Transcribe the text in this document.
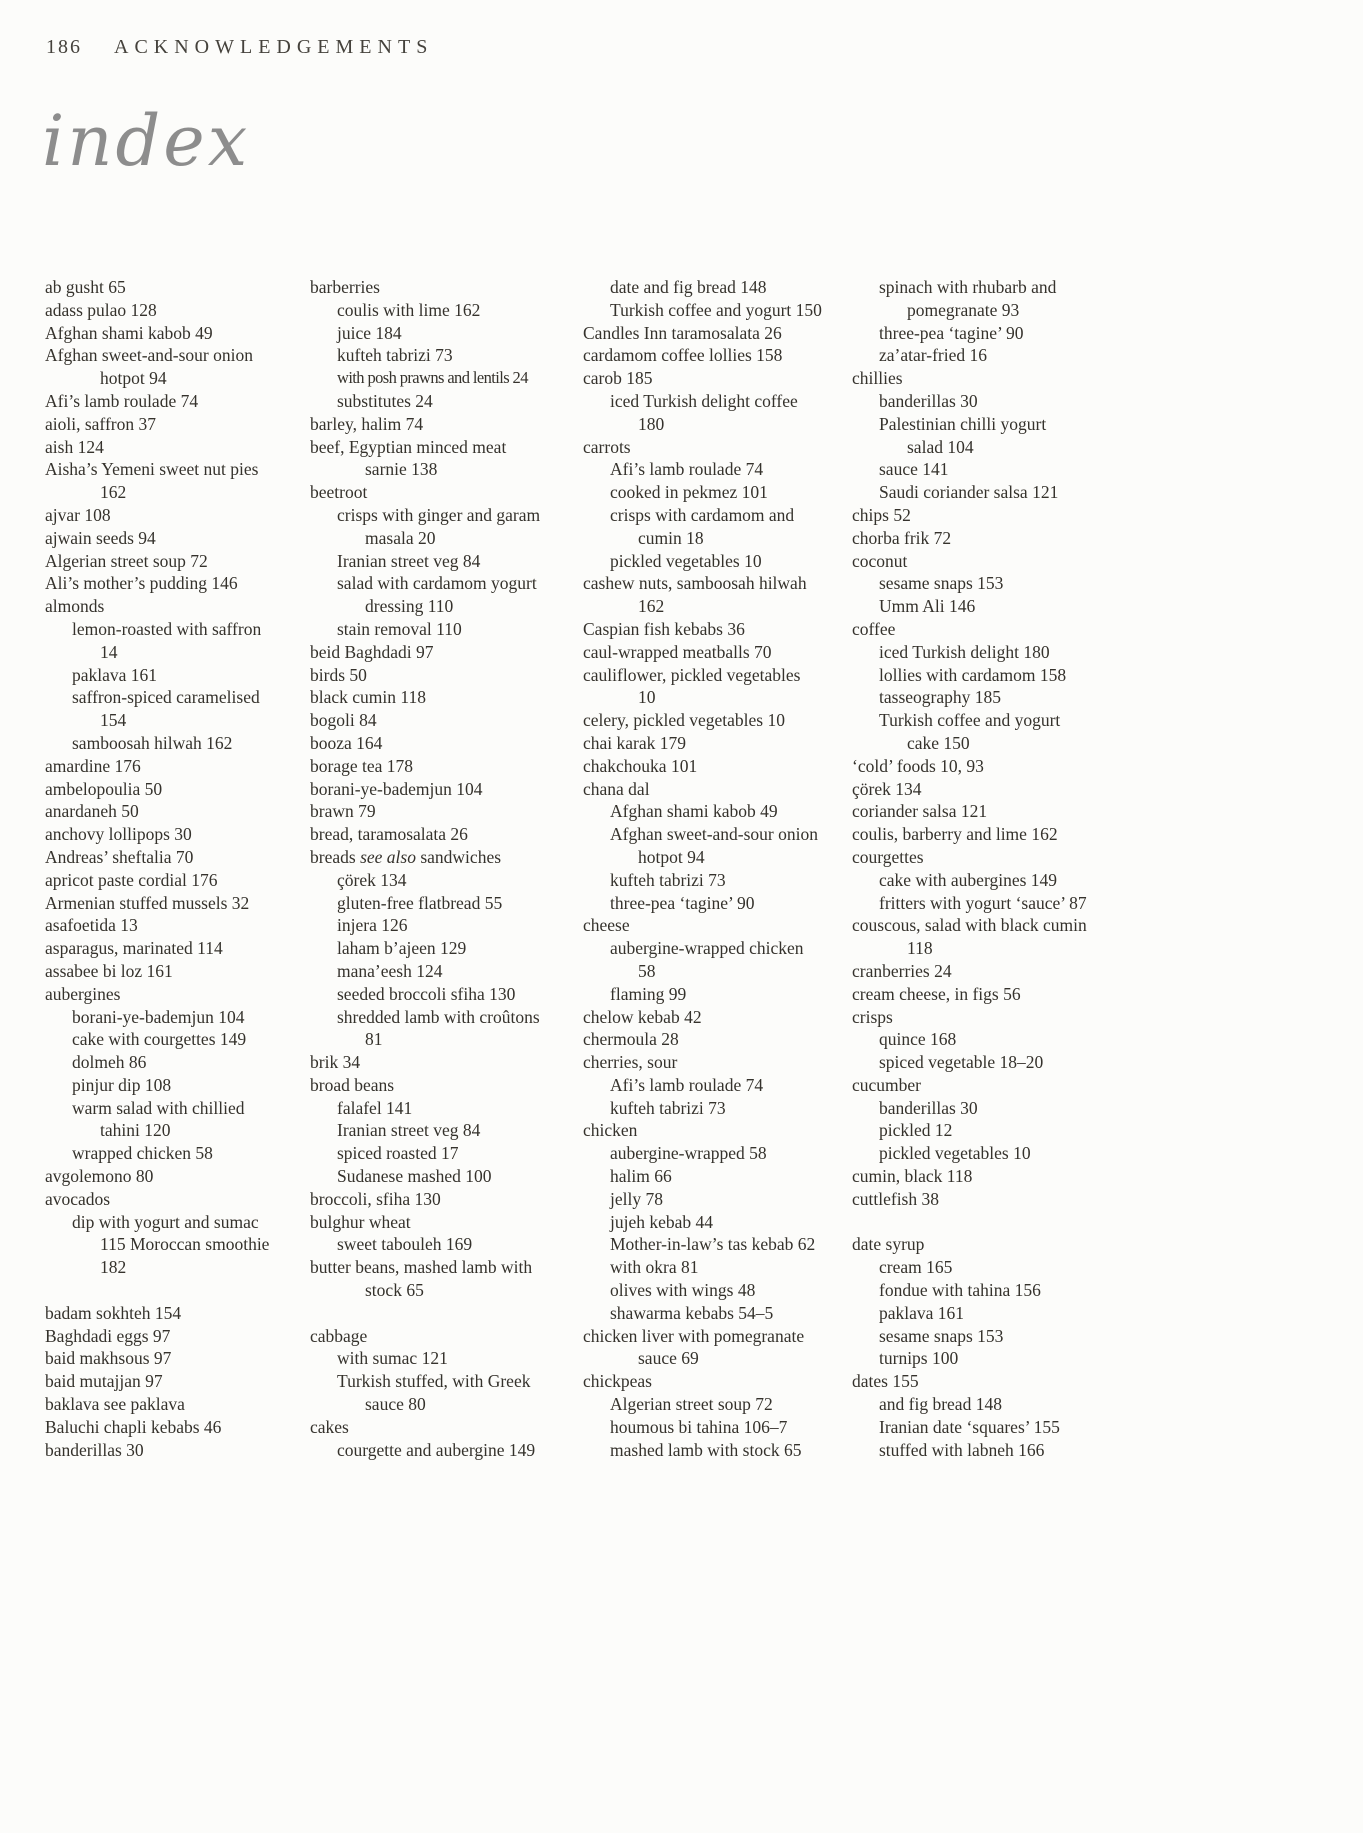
186 ACKNOWLEDGEMENTS
index
ab gusht 65
adass pulao 128
Afghan shami kabob 49
Afghan sweet-and-sour onion
hotpot 94
Afi’s lamb roulade 74
aioli, saffron 37
aish 124
Aisha’s Yemeni sweet nut pies
162
ajvar 108
ajwain seeds 94
Algerian street soup 72
Ali’s mother’s pudding 146
almonds
lemon-roasted with saffron
14
paklava 161
saffron-spiced caramelised
154
samboosah hilwah 162
amardine 176
ambelopoulia 50
anardaneh 50
anchovy lollipops 30
Andreas’ sheftalia 70
apricot paste cordial 176
Armenian stuffed mussels 32
asafoetida 13
asparagus, marinated 114
assabee bi loz 161
aubergines
borani-ye-bademjun 104
cake with courgettes 149
dolmeh 86
pinjur dip 108
warm salad with chillied
tahini 120
wrapped chicken 58
avgolemono 80
avocados
dip with yogurt and sumac
115 Moroccan smoothie
182
badam sokhteh 154
Baghdadi eggs 97
baid makhsous 97
baid mutajjan 97
baklava see paklava
Baluchi chapli kebabs 46
banderillas 30
barberries
coulis with lime 162
juice 184
kufteh tabrizi 73
with posh prawns and lentils 24
substitutes 24
barley, halim 74
beef, Egyptian minced meat
sarnie 138
beetroot
crisps with ginger and garam
masala 20
Iranian street veg 84
salad with cardamom yogurt
dressing 110
stain removal 110
beid Baghdadi 97
birds 50
black cumin 118
bogoli 84
booza 164
borage tea 178
borani-ye-bademjun 104
brawn 79
bread, taramosalata 26
breads see also sandwiches
çörek 134
gluten-free flatbread 55
injera 126
laham b’ajeen 129
mana’eesh 124
seeded broccoli sfiha 130
shredded lamb with croûtons
81
brik 34
broad beans
falafel 141
Iranian street veg 84
spiced roasted 17
Sudanese mashed 100
broccoli, sfiha 130
bulghur wheat
sweet tabouleh 169
butter beans, mashed lamb with
stock 65
cabbage
with sumac 121
Turkish stuffed, with Greek
sauce 80
cakes
courgette and aubergine 149
date and fig bread 148
Turkish coffee and yogurt 150
Candles Inn taramosalata 26
cardamom coffee lollies 158
carob 185
iced Turkish delight coffee
180
carrots
Afi’s lamb roulade 74
cooked in pekmez 101
crisps with cardamom and
cumin 18
pickled vegetables 10
cashew nuts, samboosah hilwah
162
Caspian fish kebabs 36
caul-wrapped meatballs 70
cauliflower, pickled vegetables
10
celery, pickled vegetables 10
chai karak 179
chakchouka 101
chana dal
Afghan shami kabob 49
Afghan sweet-and-sour onion
hotpot 94
kufteh tabrizi 73
three-pea ‘tagine’ 90
cheese
aubergine-wrapped chicken
58
flaming 99
chelow kebab 42
chermoula 28
cherries, sour
Afi’s lamb roulade 74
kufteh tabrizi 73
chicken
aubergine-wrapped 58
halim 66
jelly 78
jujeh kebab 44
Mother-in-law’s tas kebab 62
with okra 81
olives with wings 48
shawarma kebabs 54–5
chicken liver with pomegranate
sauce 69
chickpeas
Algerian street soup 72
houmous bi tahina 106–7
mashed lamb with stock 65
spinach with rhubarb and
pomegranate 93
three-pea ‘tagine’ 90
za’atar-fried 16
chillies
banderillas 30
Palestinian chilli yogurt
salad 104
sauce 141
Saudi coriander salsa 121
chips 52
chorba frik 72
coconut
sesame snaps 153
Umm Ali 146
coffee
iced Turkish delight 180
lollies with cardamom 158
tasseography 185
Turkish coffee and yogurt
cake 150
‘cold’ foods 10, 93
çörek 134
coriander salsa 121
coulis, barberry and lime 162
courgettes
cake with aubergines 149
fritters with yogurt ‘sauce’ 87
couscous, salad with black cumin
118
cranberries 24
cream cheese, in figs 56
crisps
quince 168
spiced vegetable 18–20
cucumber
banderillas 30
pickled 12
pickled vegetables 10
cumin, black 118
cuttlefish 38
date syrup
cream 165
fondue with tahina 156
paklava 161
sesame snaps 153
turnips 100
dates 155
and fig bread 148
Iranian date ‘squares’ 155
stuffed with labneh 166
